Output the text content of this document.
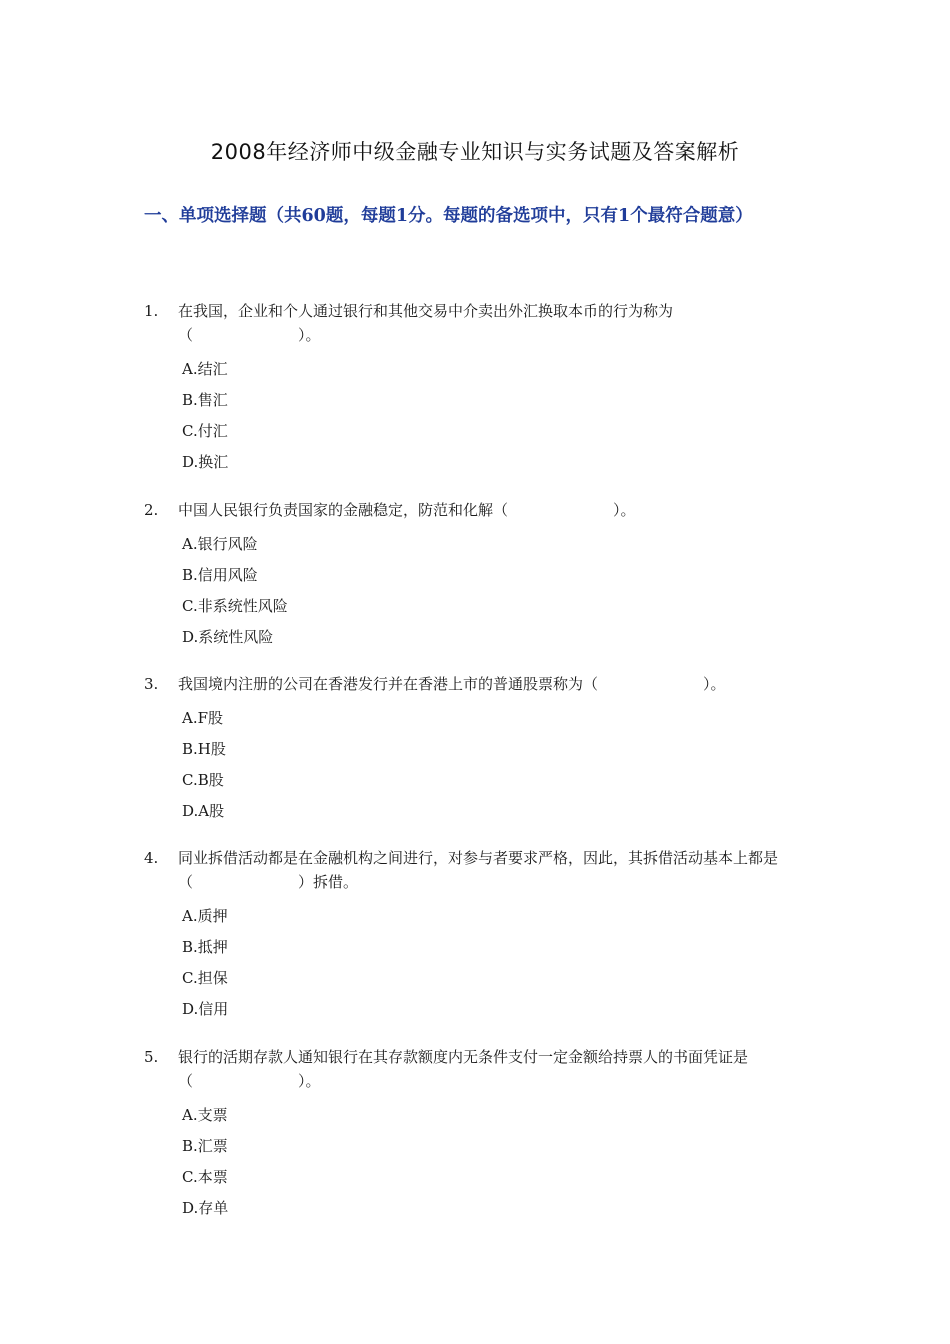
2008年经济师中级金融专业知识与实务试题及答案解析
一、单项选择题（共60题，每题1分。每题的备选项中，只有1个最符合题意）
1.	在我国，企业和个人通过银行和其他交易中介卖出外汇换取本币的行为称为（　　　　　　　）。
A.结汇
B.售汇
C.付汇
D.换汇
2.	中国人民银行负责国家的金融稳定，防范和化解（　　　　　　　）。
A.银行风险
B.信用风险
C.非系统性风险
D.系统性风险
3.	我国境内注册的公司在香港发行并在香港上市的普通股票称为（　　　　　　　）。
A.F股
B.H股
C.B股
D.A股
4.	同业拆借活动都是在金融机构之间进行，对参与者要求严格，因此，其拆借活动基本上都是（　　　　　　　）拆借。
A.质押
B.抵押
C.担保
D.信用
5.	银行的活期存款人通知银行在其存款额度内无条件支付一定金额给持票人的书面凭证是（　　　　　　　）。
A.支票
B.汇票
C.本票
D.存单
